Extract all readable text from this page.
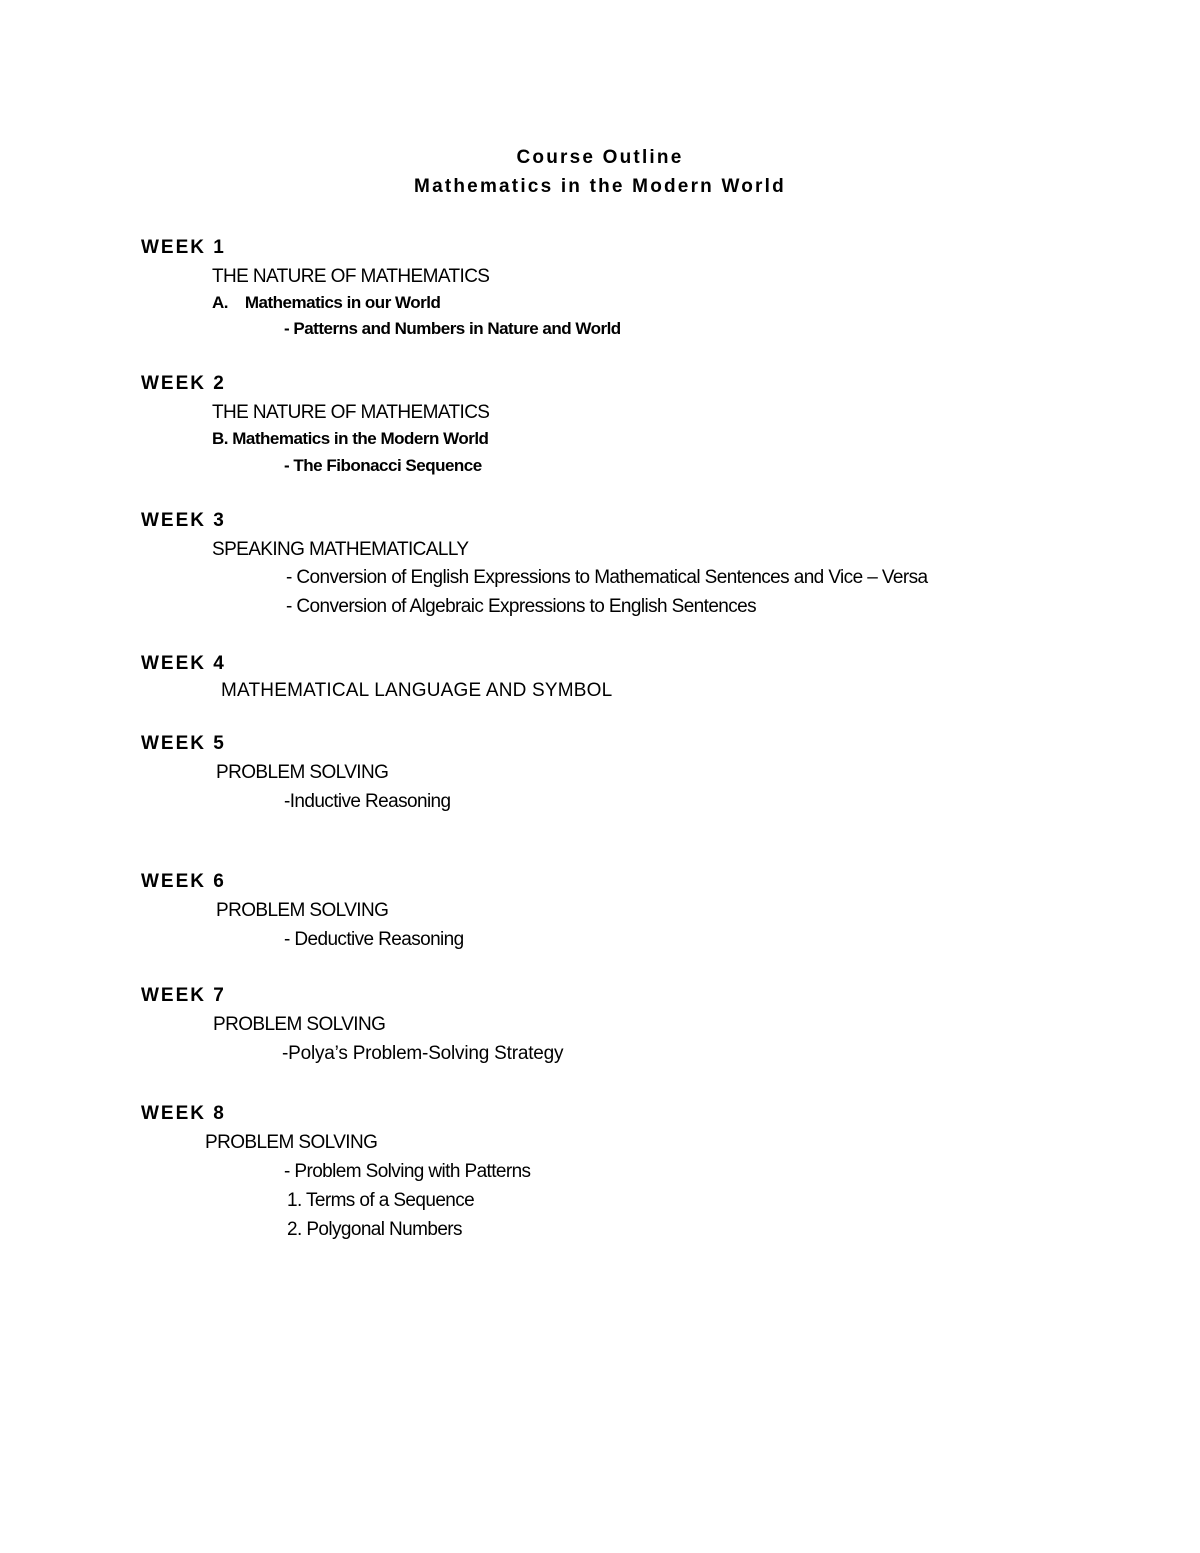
Course Outline
Mathematics in the Modern World
WEEK 1
THE NATURE OF MATHEMATICS
A.    Mathematics in our World
- Patterns and Numbers in Nature and World
WEEK 2
THE NATURE OF MATHEMATICS
B. Mathematics in the Modern World
- The Fibonacci Sequence
WEEK 3
SPEAKING MATHEMATICALLY
- Conversion of English Expressions to Mathematical Sentences and Vice – Versa
- Conversion of Algebraic Expressions to English Sentences
WEEK 4
MATHEMATICAL LANGUAGE AND SYMBOL
WEEK 5
PROBLEM SOLVING
-Inductive Reasoning
WEEK 6
PROBLEM SOLVING
- Deductive Reasoning
WEEK 7
PROBLEM SOLVING
-Polya’s Problem-Solving Strategy
WEEK 8
PROBLEM SOLVING
- Problem Solving with Patterns
1. Terms of a Sequence
2. Polygonal Numbers
